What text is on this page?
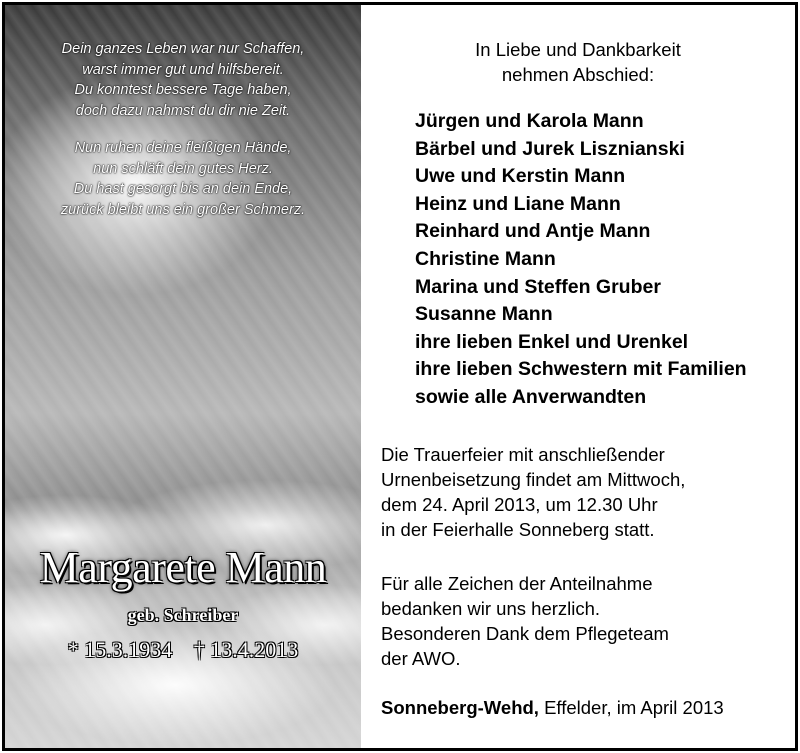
Dein ganzes Leben war nur Schaffen,

warst immer gut und hilfsbereit.

Du konntest bessere Tage haben,

doch dazu nahmst du dir nie Zeit.

Nun ruhen deine fleißigen Hände,

nun schläft dein gutes Herz.

Du hast gesorgt bis an dein Ende,

zurück bleibt uns ein großer Schmerz.

Margarete Mann
geb. Schreiber
* 15.3.1934 † 13.4.2013
In Liebe und Dankbarkeit
nehmen Abschied:
Jürgen und Karola Mann
Bärbel und Jurek Lisznianski
Uwe und Kerstin Mann
Heinz und Liane Mann
Reinhard und Antje Mann
Christine Mann
Marina und Steffen Gruber
Susanne Mann
ihre lieben Enkel und Urenkel
ihre lieben Schwestern mit Familien
sowie alle Anverwandten
Die Trauerfeier mit anschließender
Urnenbeisetzung findet am Mittwoch,
dem 24. April 2013, um 12.30 Uhr
in der Feierhalle Sonneberg statt.
Für alle Zeichen der Anteilnahme
bedanken wir uns herzlich.
Besonderen Dank dem Pflegeteam
der AWO.
Sonneberg-Wehd, Effelder, im April 2013
